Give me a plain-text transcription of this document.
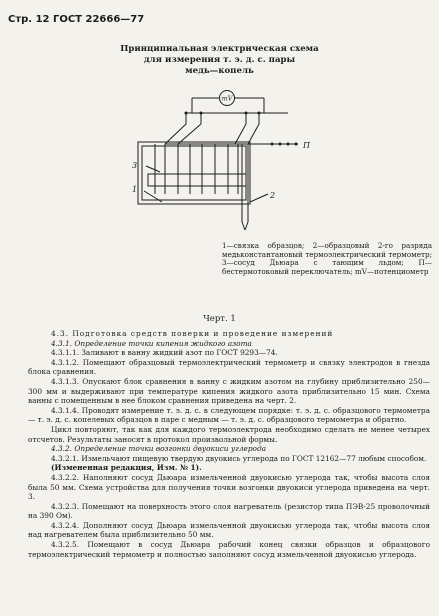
Стр. 12 ГОСТ 22666—77
Принципиальная электрическая схема
для измерения т. э. д. с. пары
медь—копель
mV
П
3
1
2
1—связка образцов; 2—образцовый 2-го разряда медьконстантановый термоэлектрический термометр; 3—сосуд Дьюара с тающим льдом; П—бестермотоковый переключатель; mV—потенциометр
Черт. 1

4.3. Подготовка средств поверки и проведение измерений

4.3.1. Определение точки кипения жидкого азота

4.3.1.1. Заливают в ванну жидкий азот по ГОСТ 9293—74.

4.3.1.2. Помещают образцовый термоэлектрический термометр и связку электродов в гнезда блока сравнения.

4.3.1.3. Опускают блок сравнения в ванну с жидким азотом на глубину приблизительно 250—300 мм и выдерживают при температуре кипения жидкого азота приблизительно 15 мин. Схема ванны с помещенным в нее блоком сравнения приведена на черт. 2.

4.3.1.4. Проводят измерение т. э. д. с. в следующем порядке: т. э. д. с. образцового термометра — т. э. д. с. копелевых образцов в паре с медным — т. э. д. с. образцового термометра и обратно.

Цикл повторяют, так как для каждого термоэлектрода необходимо сделать не менее четырех отсчетов. Результаты заносят в протокол произвольной формы.

4.3.2. Определение точки возгонки двуокиси углерода

4.3.2.1. Измельчают пищевую твердую двуокись углерода по ГОСТ 12162—77 любым способом.

(Измененная редакция, Изм. № 1).

4.3.2.2. Наполняют сосуд Дьюара измельченной двуокисью углерода так, чтобы высота слоя была 50 мм. Схема устройства для получения точки возгонки двуокиси углерода приведена на черт. 3.

4.3.2.3. Помещают на поверхность этого слоя нагреватель (резистор типа ПЭВ-25 проволочный на 390 Ом).

4.3.2.4. Дополняют сосуд Дьюара измельченной двуокисью углерода так, чтобы высота слоя над нагревателем была приблизительно 50 мм.

4.3.2.5. Помещают в сосуд Дьюара рабочий конец связки образцов и образцового термоэлектрический термометр и полностью заполняют сосуд измельченной двуокисью углерода.
